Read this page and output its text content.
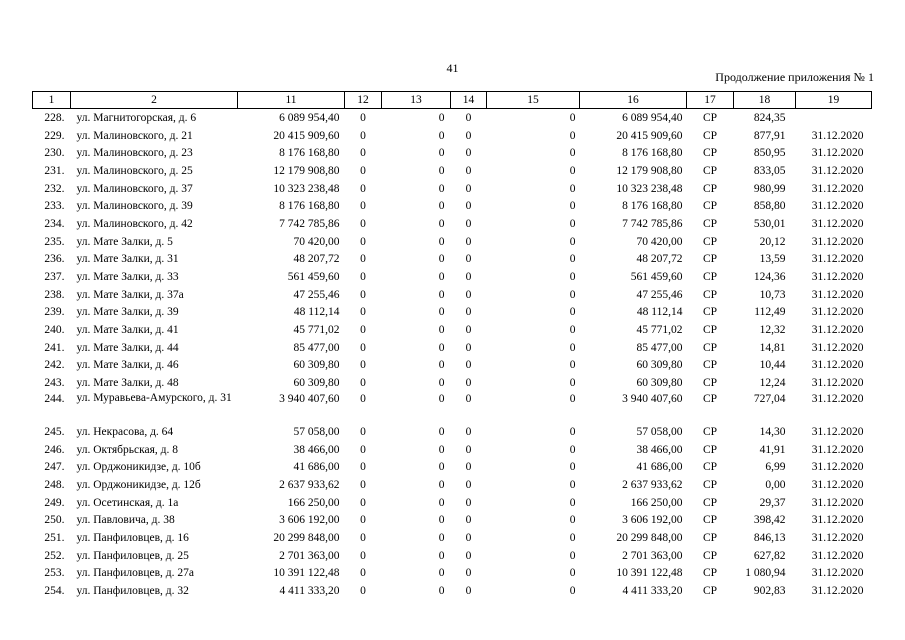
41
Продолжение приложения № 1
1	2	11	12	13	14	15	16	17	18	19
228.	ул. Магнитогорская, д. 6	6 089 954,40	0	0	0	0	6 089 954,40	СР	824,35	
229.	ул. Малиновского, д. 21	20 415 909,60	0	0	0	0	20 415 909,60	СР	877,91	31.12.2020
230.	ул. Малиновского, д. 23	8 176 168,80	0	0	0	0	8 176 168,80	СР	850,95	31.12.2020
231.	ул. Малиновского, д. 25	12 179 908,80	0	0	0	0	12 179 908,80	СР	833,05	31.12.2020
232.	ул. Малиновского, д. 37	10 323 238,48	0	0	0	0	10 323 238,48	СР	980,99	31.12.2020
233.	ул. Малиновского, д. 39	8 176 168,80	0	0	0	0	8 176 168,80	СР	858,80	31.12.2020
234.	ул. Малиновского, д. 42	7 742 785,86	0	0	0	0	7 742 785,86	СР	530,01	31.12.2020
235.	ул. Мате Залки, д. 5	70 420,00	0	0	0	0	70 420,00	СР	20,12	31.12.2020
236.	ул. Мате Залки, д. 31	48 207,72	0	0	0	0	48 207,72	СР	13,59	31.12.2020
237.	ул. Мате Залки, д. 33	561 459,60	0	0	0	0	561 459,60	СР	124,36	31.12.2020
238.	ул. Мате Залки, д. 37а	47 255,46	0	0	0	0	47 255,46	СР	10,73	31.12.2020
239.	ул. Мате Залки, д. 39	48 112,14	0	0	0	0	48 112,14	СР	112,49	31.12.2020
240.	ул. Мате Залки, д. 41	45 771,02	0	0	0	0	45 771,02	СР	12,32	31.12.2020
241.	ул. Мате Залки, д. 44	85 477,00	0	0	0	0	85 477,00	СР	14,81	31.12.2020
242.	ул. Мате Залки, д. 46	60 309,80	0	0	0	0	60 309,80	СР	10,44	31.12.2020
243.	ул. Мате Залки, д. 48	60 309,80	0	0	0	0	60 309,80	СР	12,24	31.12.2020
244.	ул. Муравьева-Амурского, д. 31	3 940 407,60	0	0	0	0	3 940 407,60	СР	727,04	31.12.2020
245.	ул. Некрасова, д. 64	57 058,00	0	0	0	0	57 058,00	СР	14,30	31.12.2020
246.	ул. Октябрьская, д. 8	38 466,00	0	0	0	0	38 466,00	СР	41,91	31.12.2020
247.	ул. Орджоникидзе, д. 10б	41 686,00	0	0	0	0	41 686,00	СР	6,99	31.12.2020
248.	ул. Орджоникидзе, д. 12б	2 637 933,62	0	0	0	0	2 637 933,62	СР	0,00	31.12.2020
249.	ул. Осетинская, д. 1а	166 250,00	0	0	0	0	166 250,00	СР	29,37	31.12.2020
250.	ул. Павловича, д. 38	3 606 192,00	0	0	0	0	3 606 192,00	СР	398,42	31.12.2020
251.	ул. Панфиловцев, д. 16	20 299 848,00	0	0	0	0	20 299 848,00	СР	846,13	31.12.2020
252.	ул. Панфиловцев, д. 25	2 701 363,00	0	0	0	0	2 701 363,00	СР	627,82	31.12.2020
253.	ул. Панфиловцев, д. 27а	10 391 122,48	0	0	0	0	10 391 122,48	СР	1 080,94	31.12.2020
254.	ул. Панфиловцев, д. 32	4 411 333,20	0	0	0	0	4 411 333,20	СР	902,83	31.12.2020
